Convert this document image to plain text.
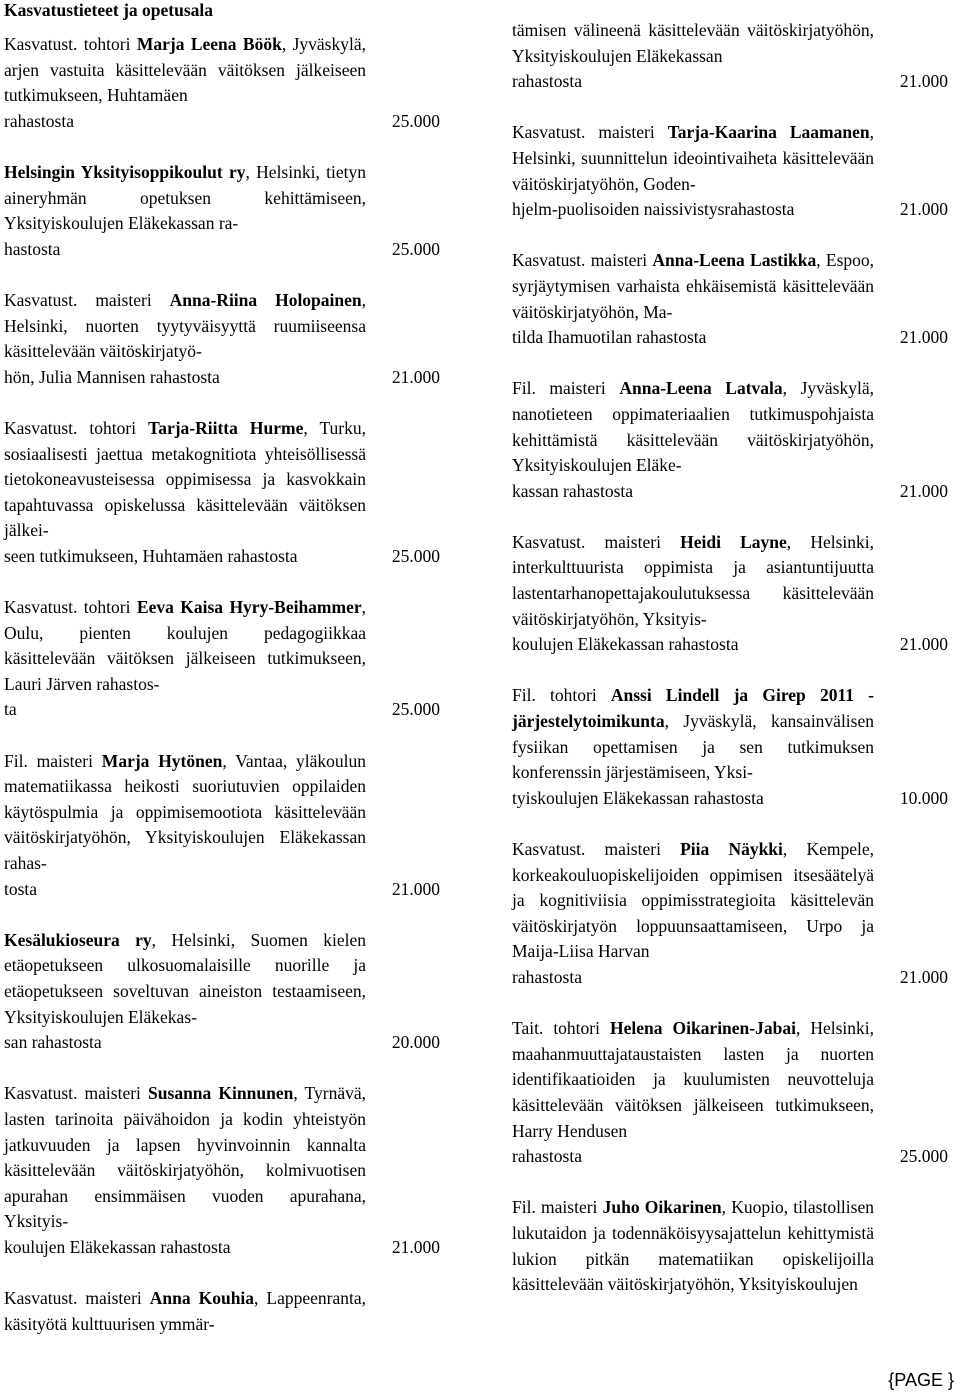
Kasvatustieteet ja opetusala
Kasvatust. tohtori Marja Leena Böök, Jyväskylä, arjen vastuita käsittelevään väitöksen jälkeiseen tutkimukseen, Huhtamäen
rahastosta	25.000
Helsingin Yksityisoppikoulut ry, Helsinki, tietyn aineryhmän opetuksen kehittämiseen, Yksityiskoulujen Eläkekassan ra-
hastosta	25.000
Kasvatust. maisteri Anna-Riina Holopainen, Helsinki, nuorten tyytyväisyyttä ruumiiseensa käsittelevään väitöskirjatyö-
hön, Julia Mannisen rahastosta	21.000
Kasvatust. tohtori Tarja-Riitta Hurme, Turku, sosiaalisesti jaettua metakognitiota yhteisöllisessä tietokoneavusteisessa oppimisessa ja kasvokkain tapahtuvassa opiskelussa käsittelevään väitöksen jälkei-
seen tutkimukseen, Huhtamäen rahastosta	25.000
Kasvatust. tohtori Eeva Kaisa Hyry-Beihammer, Oulu, pienten koulujen pedagogiikkaa käsittelevään väitöksen jälkeiseen tutkimukseen, Lauri Järven rahastos-
ta	25.000
Fil. maisteri Marja Hytönen, Vantaa, yläkoulun matematiikassa heikosti suoriutuvien oppilaiden käytöspulmia ja oppimisemootiota käsittelevään väitöskirjatyöhön, Yksityiskoulujen Eläkekassan rahas-
tosta	21.000
Kesälukioseura ry, Helsinki, Suomen kielen etäopetukseen ulkosuomalaisille nuorille ja etäopetukseen soveltuvan aineiston testaamiseen, Yksityiskoulujen Eläkekas-
san rahastosta	20.000
Kasvatust. maisteri Susanna Kinnunen, Tyrnävä, lasten tarinoita päivähoidon ja kodin yhteistyön jatkuvuuden ja lapsen hyvinvoinnin kannalta käsittelevään väitöskirjatyöhön, kolmivuotisen apurahan ensimmäisen vuoden apurahana, Yksityis-
koulujen Eläkekassan rahastosta	21.000
Kasvatust. maisteri Anna Kouhia, Lappeenranta, käsityötä kulttuurisen ymmär-
tämisen välineenä käsittelevään väitöskirjatyöhön, Yksityiskoulujen Eläkekassan
rahastosta	21.000
Kasvatust. maisteri Tarja-Kaarina Laamanen, Helsinki, suunnittelun ideointivaiheta käsittelevään väitöskirjatyöhön, Goden-
hjelm-puolisoiden naissivistysrahastosta	21.000
Kasvatust. maisteri Anna-Leena Lastikka, Espoo, syrjäytymisen varhaista ehkäisemistä käsittelevään väitöskirjatyöhön, Ma-
tilda Ihamuotilan rahastosta	21.000
Fil. maisteri Anna-Leena Latvala, Jyväskylä, nanotieteen oppimateriaalien tutkimuspohjaista kehittämistä käsittelevään väitöskirjatyöhön, Yksityiskoulujen Eläke-
kassan rahastosta	21.000
Kasvatust. maisteri Heidi Layne, Helsinki, interkulttuurista oppimista ja asiantuntijuutta lastentarhanopettajakoulutuksessa käsittelevään väitöskirjatyöhön, Yksityis-
koulujen Eläkekassan rahastosta	21.000
Fil. tohtori Anssi Lindell ja Girep 2011 - järjestelytoimikunta, Jyväskylä, kansainvälisen fysiikan opettamisen ja sen tutkimuksen konferenssin järjestämiseen, Yksi-
tyiskoulujen Eläkekassan rahastosta	10.000
Kasvatust. maisteri Piia Näykki, Kempele, korkeakouluopiskelijoiden oppimisen itsesäätelyä ja kognitiviisia oppimisstrategioita käsittelevän väitöskirjatyön loppuunsaattamiseen, Urpo ja Maija-Liisa Harvan
rahastosta	21.000
Tait. tohtori Helena Oikarinen-Jabai, Helsinki, maahanmuuttajataustaisten lasten ja nuorten identifikaatioiden ja kuulumisten neuvotteluja käsittelevään väitöksen jälkeiseen tutkimukseen, Harry Hendusen
rahastosta	25.000
Fil. maisteri Juho Oikarinen, Kuopio, tilastollisen lukutaidon ja todennäköisyysajattelun kehittymistä lukion pitkän matematiikan opiskelijoilla käsittelevään väitöskirjatyöhön, Yksityiskoulujen
{PAGE }
